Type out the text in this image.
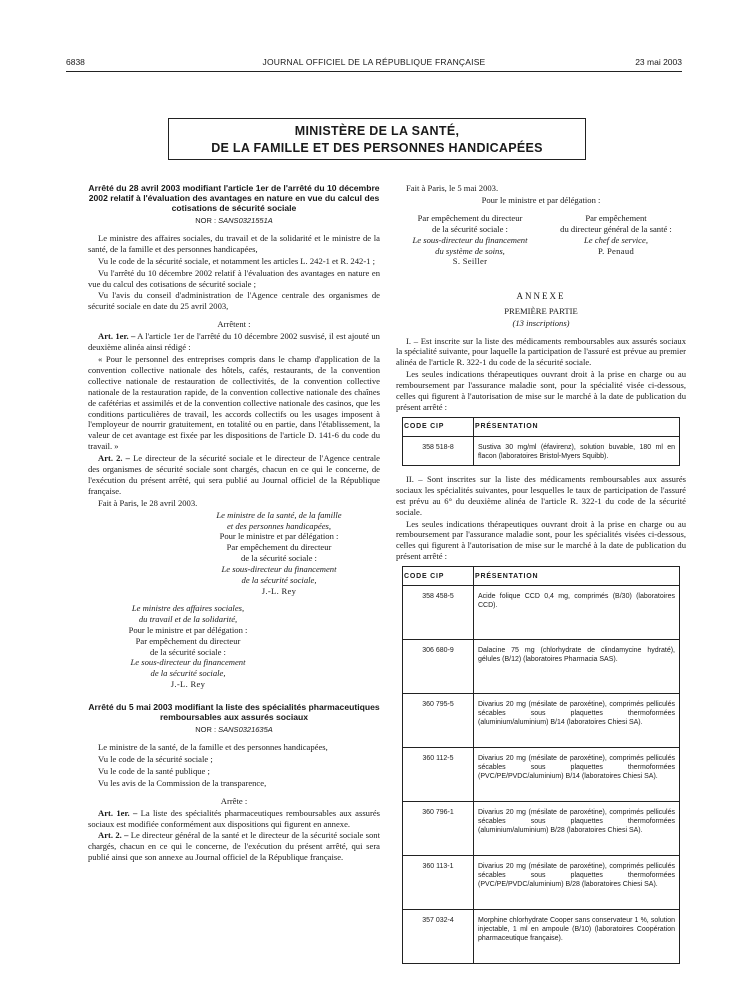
6838	JOURNAL OFFICIEL DE LA RÉPUBLIQUE FRANÇAISE	23 mai 2003
MINISTÈRE DE LA SANTÉ,
DE LA FAMILLE ET DES PERSONNES HANDICAPÉES
Arrêté du 28 avril 2003 modifiant l'article 1er de l'arrêté du 10 décembre 2002 relatif à l'évaluation des avantages en nature en vue du calcul des cotisations de sécurité sociale
NOR : SANS0321551A

Le ministre des affaires sociales, du travail et de la solidarité et le ministre de la santé, de la famille et des personnes handicapées,

Vu le code de la sécurité sociale, et notamment les articles L. 242-1 et R. 242-1 ;

Vu l'arrêté du 10 décembre 2002 relatif à l'évaluation des avantages en nature en vue du calcul des cotisations de sécurité sociale ;

Vu l'avis du conseil d'administration de l'Agence centrale des organismes de sécurité sociale en date du 25 avril 2003,

Arrêtent :

Art. 1er. – A l'article 1er de l'arrêté du 10 décembre 2002 susvisé, il est ajouté un deuxième alinéa ainsi rédigé :

« Pour le personnel des entreprises compris dans le champ d'application de la convention collective nationale des hôtels, cafés, restaurants, de la convention collective nationale de restauration de collectivités, de la convention collective nationale de la restauration rapide, de la convention collective nationale des chaînes de cafétérias et assimilés et de la convention collective nationale des casinos, que les conditions particulières de travail, les accords collectifs ou les usages imposent à l'employeur de nourrir gratuitement, en totalité ou en partie, dans l'établissement, la valeur de cet avantage est fixée par les dispositions de l'article D. 141-6 du code du travail. »

Art. 2. – Le directeur de la sécurité sociale et le directeur de l'Agence centrale des organismes de sécurité sociale sont chargés, chacun en ce qui le concerne, de l'exécution du présent arrêté, qui sera publié au Journal officiel de la République française.

Fait à Paris, le 28 avril 2003.

Le ministre de la santé, de la famille
et des personnes handicapées,
Pour le ministre et par délégation :
Par empêchement du directeur
de la sécurité sociale :
Le sous-directeur du financement
de la sécurité sociale,
J.-L. Rey
Le ministre des affaires sociales,
du travail et de la solidarité,
Pour le ministre et par délégation :
Par empêchement du directeur
de la sécurité sociale :
Le sous-directeur du financement
de la sécurité sociale,
J.-L. Rey
Arrêté du 5 mai 2003 modifiant la liste des spécialités pharmaceutiques remboursables aux assurés sociaux
NOR : SANS0321635A

Le ministre de la santé, de la famille et des personnes handicapées,

Vu le code de la sécurité sociale ;

Vu le code de la santé publique ;

Vu les avis de la Commission de la transparence,

Arrête :

Art. 1er. – La liste des spécialités pharmaceutiques remboursables aux assurés sociaux est modifiée conformément aux dispositions qui figurent en annexe.

Art. 2. – Le directeur général de la santé et le directeur de la sécurité sociale sont chargés, chacun en ce qui le concerne, de l'exécution du présent arrêté, qui sera publié ainsi que son annexe au Journal officiel de la République française.

Fait à Paris, le 5 mai 2003.

Pour le ministre et par délégation :

Par empêchement du directeur
de la sécurité sociale :
Le sous-directeur du financement
du système de soins,
S. Seiller
Par empêchement
du directeur général de la santé :
Le chef de service,
P. Penaud
ANNEXE

PREMIÈRE PARTIE

(13 inscriptions)

I. – Est inscrite sur la liste des médicaments remboursables aux assurés sociaux la spécialité suivante, pour laquelle la participation de l'assuré est prévue au premier alinéa de l'article R. 322-1 du code de la sécurité sociale.

Les seules indications thérapeutiques ouvrant droit à la prise en charge ou au remboursement par l'assurance maladie sont, pour la spécialité visée ci-dessous, celles qui figurent à l'autorisation de mise sur le marché à la date de publication du présent arrêté :

CODE CIP	PRÉSENTATION
358 518-8	Sustiva 30 mg/ml (éfavirenz), solution buvable, 180 ml en flacon (laboratoires Bristol-Myers Squibb).

II. – Sont inscrites sur la liste des médicaments remboursables aux assurés sociaux les spécialités suivantes, pour lesquelles le taux de participation de l'assuré est prévu au 6° du deuxième alinéa de l'article R. 322-1 du code de la sécurité sociale.

Les seules indications thérapeutiques ouvrant droit à la prise en charge ou au remboursement par l'assurance maladie sont, pour les spécialités visées ci-dessous, celles qui figurent à l'autorisation de mise sur le marché à la date de publication du présent arrêté :

CODE CIP	PRÉSENTATION
358 458-5	Acide folique CCD 0,4 mg, comprimés (B/30) (laboratoires CCD).
306 680-9	Dalacine 75 mg (chlorhydrate de clindamycine hydraté), gélules (B/12) (laboratoires Pharmacia SAS).
360 795-5	Divarius 20 mg (mésilate de paroxétine), comprimés pelliculés sécables sous plaquettes thermoformées (aluminium/aluminium) B/14 (laboratoires Chiesi SA).
360 112-5	Divarius 20 mg (mésilate de paroxétine), comprimés pelliculés sécables sous plaquettes thermoformées (PVC/PE/PVDC/aluminium) B/14 (laboratoires Chiesi SA).
360 796-1	Divarius 20 mg (mésilate de paroxétine), comprimés pelliculés sécables sous plaquettes thermoformées (aluminium/aluminium) B/28 (laboratoires Chiesi SA).
360 113-1	Divarius 20 mg (mésilate de paroxétine), comprimés pelliculés sécables sous plaquettes thermoformées (PVC/PE/PVDC/aluminium) B/28 (laboratoires Chiesi SA).
357 032-4	Morphine chlorhydrate Cooper sans conservateur 1 %, solution injectable, 1 ml en ampoule (B/10) (laboratoires Coopération pharmaceutique française).
